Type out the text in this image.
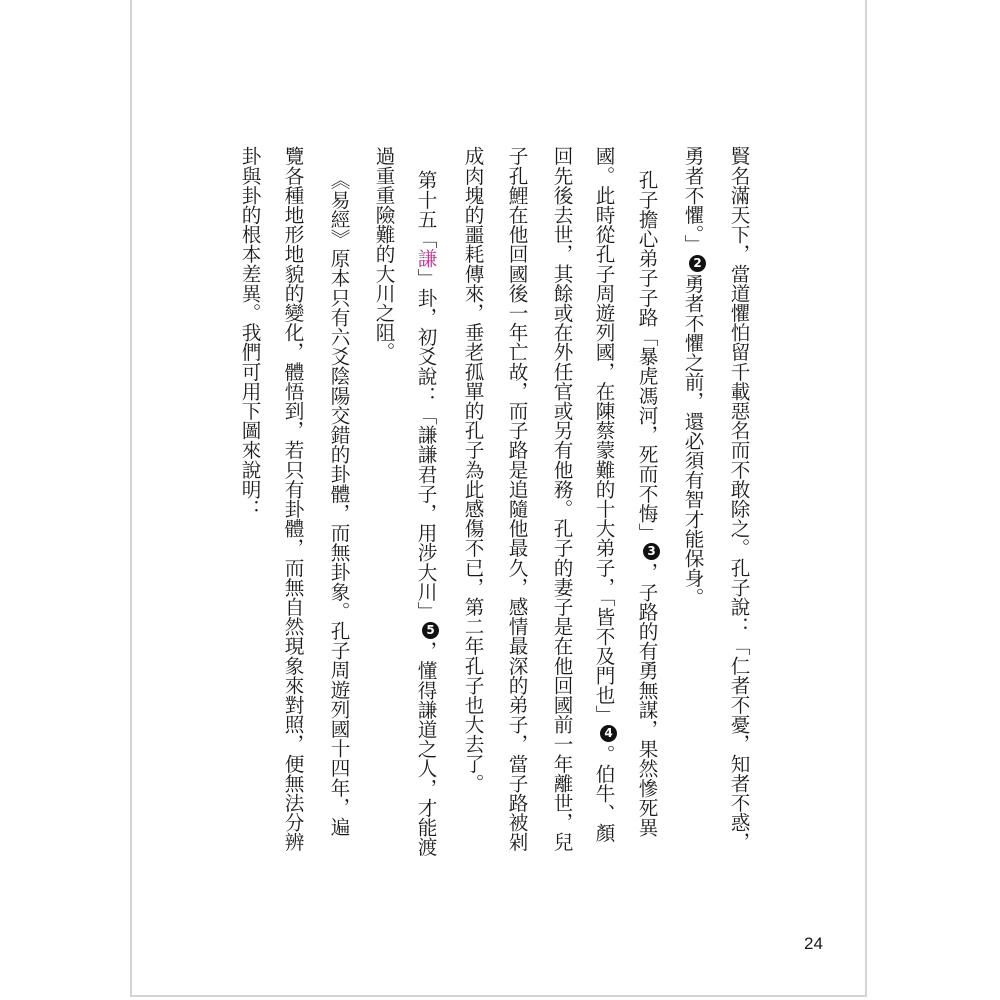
賢名滿天下，當道懼怕留千載惡名而不敢除之。孔子說：「仁者不憂，知者不惑，
勇者不懼。」2勇者不懼之前，還必須有智才能保身。
孔子擔心弟子子路「暴虎馮河，死而不悔」3，子路的有勇無謀，果然慘死異
國。此時從孔子周遊列國，在陳蔡蒙難的十大弟子，「皆不及門也」4。伯牛、顏
回先後去世，其餘或在外任官或另有他務。孔子的妻子是在他回國前一年離世，兒
子孔鯉在他回國後一年亡故，而子路是追隨他最久，感情最深的弟子，當子路被剁
成肉塊的噩耗傳來，垂老孤單的孔子為此感傷不已，第二年孔子也大去了。
第十五「謙」卦，初爻說：「謙謙君子，用涉大川」5，懂得謙道之人，才能渡
過重重險難的大川之阻。
《易經》原本只有六爻陰陽交錯的卦體，而無卦象。孔子周遊列國十四年，遍
覽各種地形地貌的變化，體悟到，若只有卦體，而無自然現象來對照，便無法分辨
卦與卦的根本差異。我們可用下圖來說明：
24
